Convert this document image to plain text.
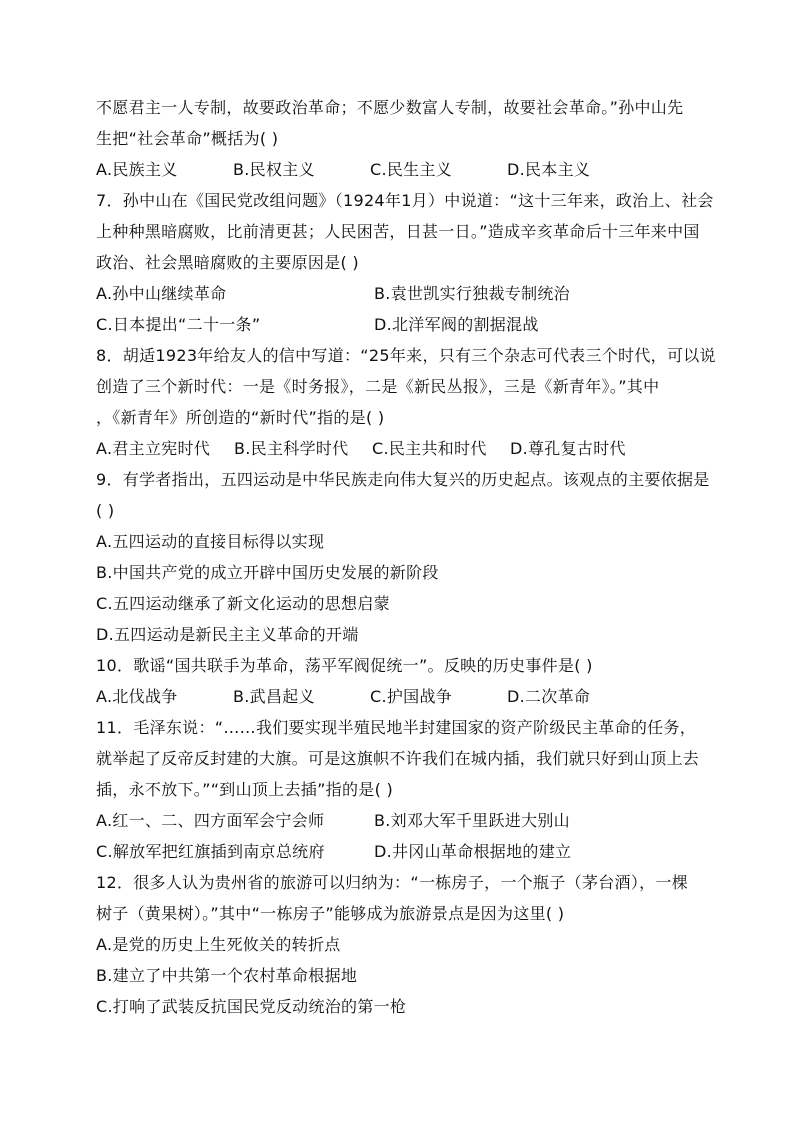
不愿君主一人专制，故要政治革命；不愿少数富人专制，故要社会革命。”孙中山先
生把“社会革命”概括为( )
A.民族主义	B.民权主义	C.民生主义	D.民本主义
7．孙中山在《国民党改组问题》（1924年1月）中说道：“这十三年来，政治上、社会
上种种黑暗腐败，比前清更甚；人民困苦，日甚一日。”造成辛亥革命后十三年来中国
政治、社会黑暗腐败的主要原因是( )
A.孙中山继续革命	B.袁世凯实行独裁专制统治
C.日本提出“二十一条”	D.北洋军阀的割据混战
8．胡适1923年给友人的信中写道：“25年来，只有三个杂志可代表三个时代，可以说
创造了三个新时代：一是《时务报》，二是《新民丛报》，三是《新青年》。”其中
，《新青年》所创造的“新时代”指的是( )
A.君主立宪时代	B.民主科学时代	C.民主共和时代	D.尊孔复古时代
9．有学者指出，五四运动是中华民族走向伟大复兴的历史起点。该观点的主要依据是
( )
A.五四运动的直接目标得以实现
B.中国共产党的成立开辟中国历史发展的新阶段
C.五四运动继承了新文化运动的思想启蒙
D.五四运动是新民主主义革命的开端
10．歌谣“国共联手为革命，荡平军阀促统一”。反映的历史事件是( )
A.北伐战争	B.武昌起义	C.护国战争	D.二次革命
11．毛泽东说：“……我们要实现半殖民地半封建国家的资产阶级民主革命的任务，
就举起了反帝反封建的大旗。可是这旗帜不许我们在城内插，我们就只好到山顶上去
插，永不放下。”“到山顶上去插”指的是( )
A.红一、二、四方面军会宁会师	B.刘邓大军千里跃进大别山
C.解放军把红旗插到南京总统府	D.井冈山革命根据地的建立
12．很多人认为贵州省的旅游可以归纳为：“一栋房子，一个瓶子（茅台酒），一棵
树子（黄果树）。”其中“一栋房子”能够成为旅游景点是因为这里( )
A.是党的历史上生死攸关的转折点
B.建立了中共第一个农村革命根据地
C.打响了武装反抗国民党反动统治的第一枪
